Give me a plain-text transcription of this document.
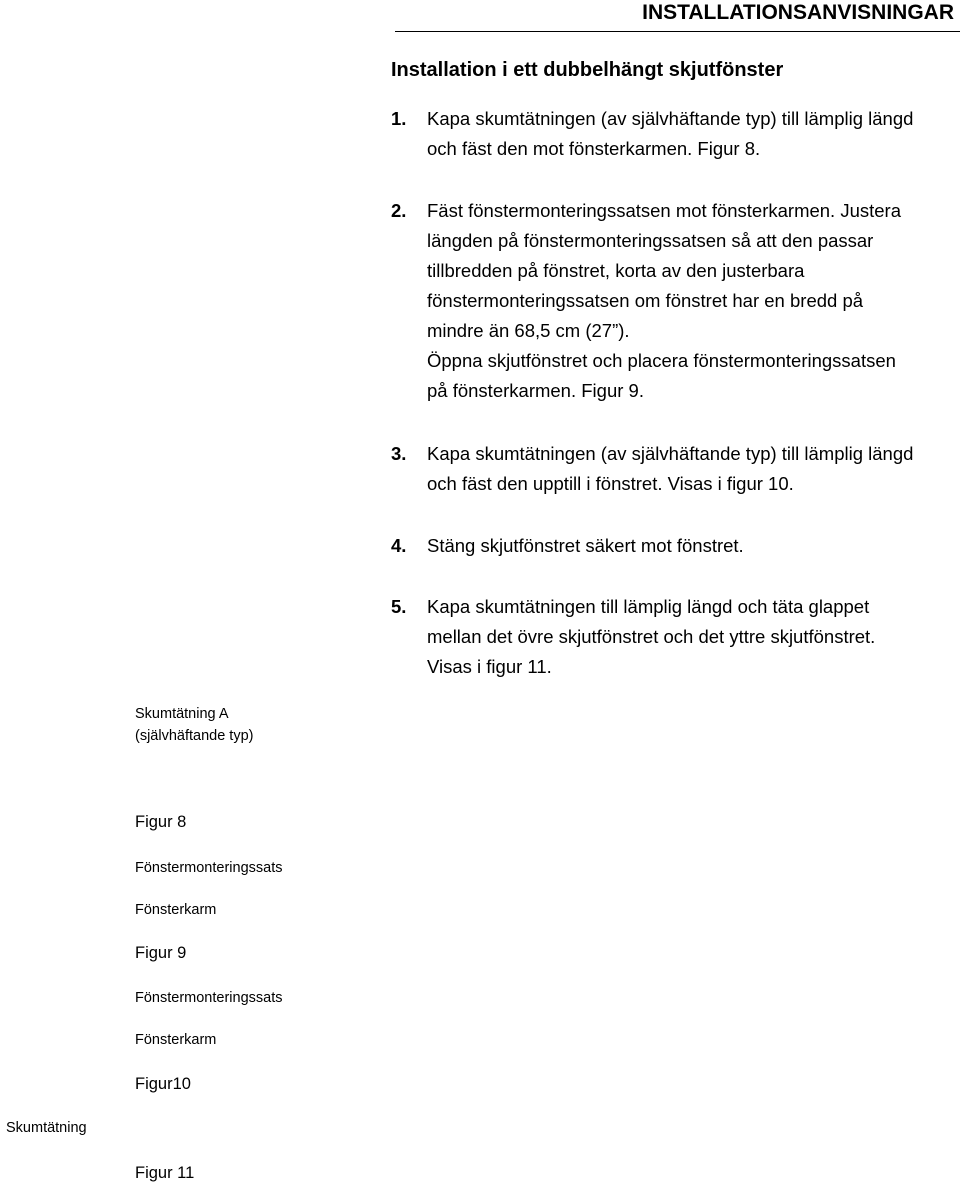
INSTALLATIONSANVISNINGAR
Installation i ett dubbelhängt skjutfönster
1. Kapa skumtätningen (av självhäftande typ) till lämplig längd
och fäst den mot fönsterkarmen. Figur 8.
2. Fäst fönstermonteringssatsen mot fönsterkarmen. Justera
längden på fönstermonteringssatsen så att den passar
tillbredden på fönstret, korta av den justerbara
fönstermonteringssatsen om fönstret har en bredd på
mindre än 68,5 cm (27”).
Öppna skjutfönstret och placera fönstermonteringssatsen
på fönsterkarmen. Figur 9.
3. Kapa skumtätningen (av självhäftande typ) till lämplig längd
och fäst den upptill i fönstret. Visas i figur 10.
4. Stäng skjutfönstret säkert mot fönstret.
5. Kapa skumtätningen till lämplig längd och täta glappet
mellan det övre skjutfönstret och det yttre skjutfönstret.
Visas i figur 11.
Skumtätning A
(självhäftande typ)
Figur 8
Fönstermonteringssats
Fönsterkarm
Figur 9
Fönstermonteringssats
Fönsterkarm
Figur10
Skumtätning
Figur 11
